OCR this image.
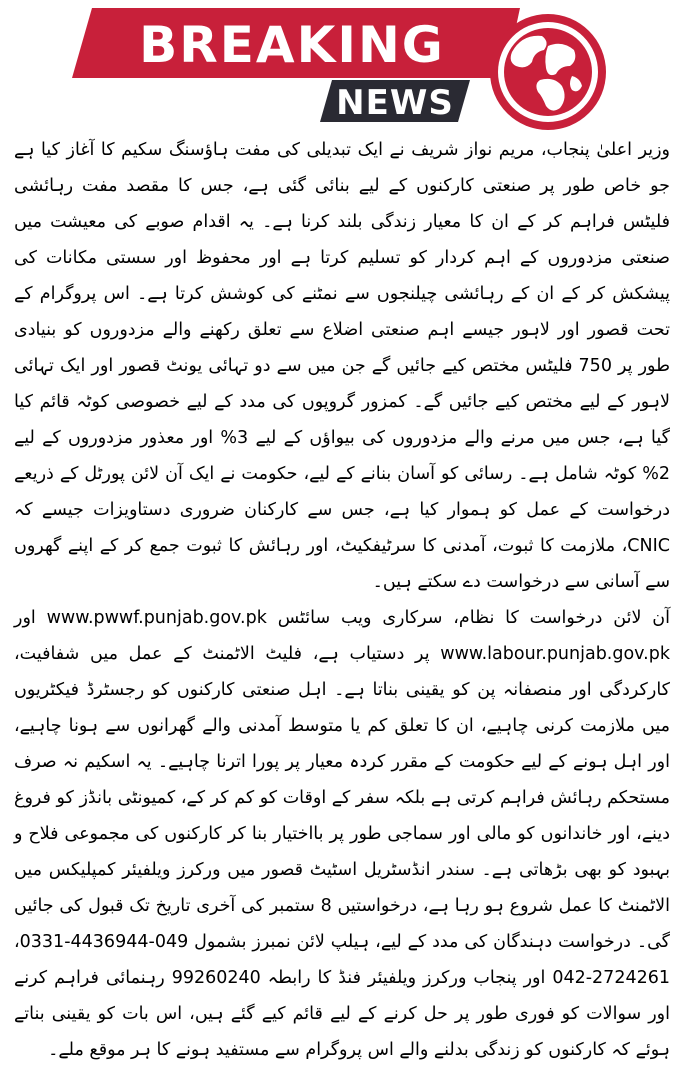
BREAKING
NEWS

وزیر اعلیٰ پنجاب، مریم نواز شریف نے ایک تبدیلی کی مفت ہاؤسنگ سکیم کا آغاز کیا ہے جو خاص طور پر صنعتی کارکنوں کے لیے بنائی گئی ہے، جس کا مقصد مفت رہائشی فلیٹس فراہم کر کے ان کا معیار زندگی بلند کرنا ہے۔ یہ اقدام صوبے کی معیشت میں صنعتی مزدوروں کے اہم کردار کو تسلیم کرتا ہے اور محفوظ اور سستی مکانات کی پیشکش کر کے ان کے رہائشی چیلنجوں سے نمٹنے کی کوشش کرتا ہے۔ اس پروگرام کے تحت قصور اور لاہور جیسے اہم صنعتی اضلاع سے تعلق رکھنے والے مزدوروں کو بنیادی طور پر 750 فلیٹس مختص کیے جائیں گے جن میں سے دو تہائی یونٹ قصور اور ایک تہائی لاہور کے لیے مختص کیے جائیں گے۔ کمزور گروپوں کی مدد کے لیے خصوصی کوٹہ قائم کیا گیا ہے، جس میں مرنے والے مزدوروں کی بیواؤں کے لیے 3% اور معذور مزدوروں کے لیے 2% کوٹہ شامل ہے۔ رسائی کو آسان بنانے کے لیے، حکومت نے ایک آن لائن پورٹل کے ذریعے درخواست کے عمل کو ہموار کیا ہے، جس سے کارکنان ضروری دستاویزات جیسے کہ CNIC، ملازمت کا ثبوت، آمدنی کا سرٹیفکیٹ، اور رہائش کا ثبوت جمع کر کے اپنے گھروں سے آسانی سے درخواست دے سکتے ہیں۔

آن لائن درخواست کا نظام، سرکاری ویب سائٹس www.pwwf.punjab.gov.pk اور www.labour.punjab.gov.pk پر دستیاب ہے، فلیٹ الاٹمنٹ کے عمل میں شفافیت، کارکردگی اور منصفانہ پن کو یقینی بناتا ہے۔ اہل صنعتی کارکنوں کو رجسٹرڈ فیکٹریوں میں ملازمت کرنی چاہیے، ان کا تعلق کم یا متوسط آمدنی والے گھرانوں سے ہونا چاہیے، اور اہل ہونے کے لیے حکومت کے مقرر کردہ معیار پر پورا اترنا چاہیے۔ یہ اسکیم نہ صرف مستحکم رہائش فراہم کرتی ہے بلکہ سفر کے اوقات کو کم کر کے، کمیونٹی بانڈز کو فروغ دینے، اور خاندانوں کو مالی اور سماجی طور پر بااختیار بنا کر کارکنوں کی مجموعی فلاح و بہبود کو بھی بڑھاتی ہے۔ سندر انڈسٹریل اسٹیٹ قصور میں ورکرز ویلفیئر کمپلیکس میں الاٹمنٹ کا عمل شروع ہو رہا ہے، درخواستیں 8 ستمبر کی آخری تاریخ تک قبول کی جائیں گی۔ درخواست دہندگان کی مدد کے لیے، ہیلپ لائن نمبرز بشمول 049-4436944-0331، 2724261-042 اور پنجاب ورکرز ویلفیئر فنڈ کا رابطہ 99260240 رہنمائی فراہم کرنے اور سوالات کو فوری طور پر حل کرنے کے لیے قائم کیے گئے ہیں، اس بات کو یقینی بناتے ہوئے کہ کارکنوں کو زندگی بدلنے والے اس پروگرام سے مستفید ہونے کا ہر موقع ملے۔
